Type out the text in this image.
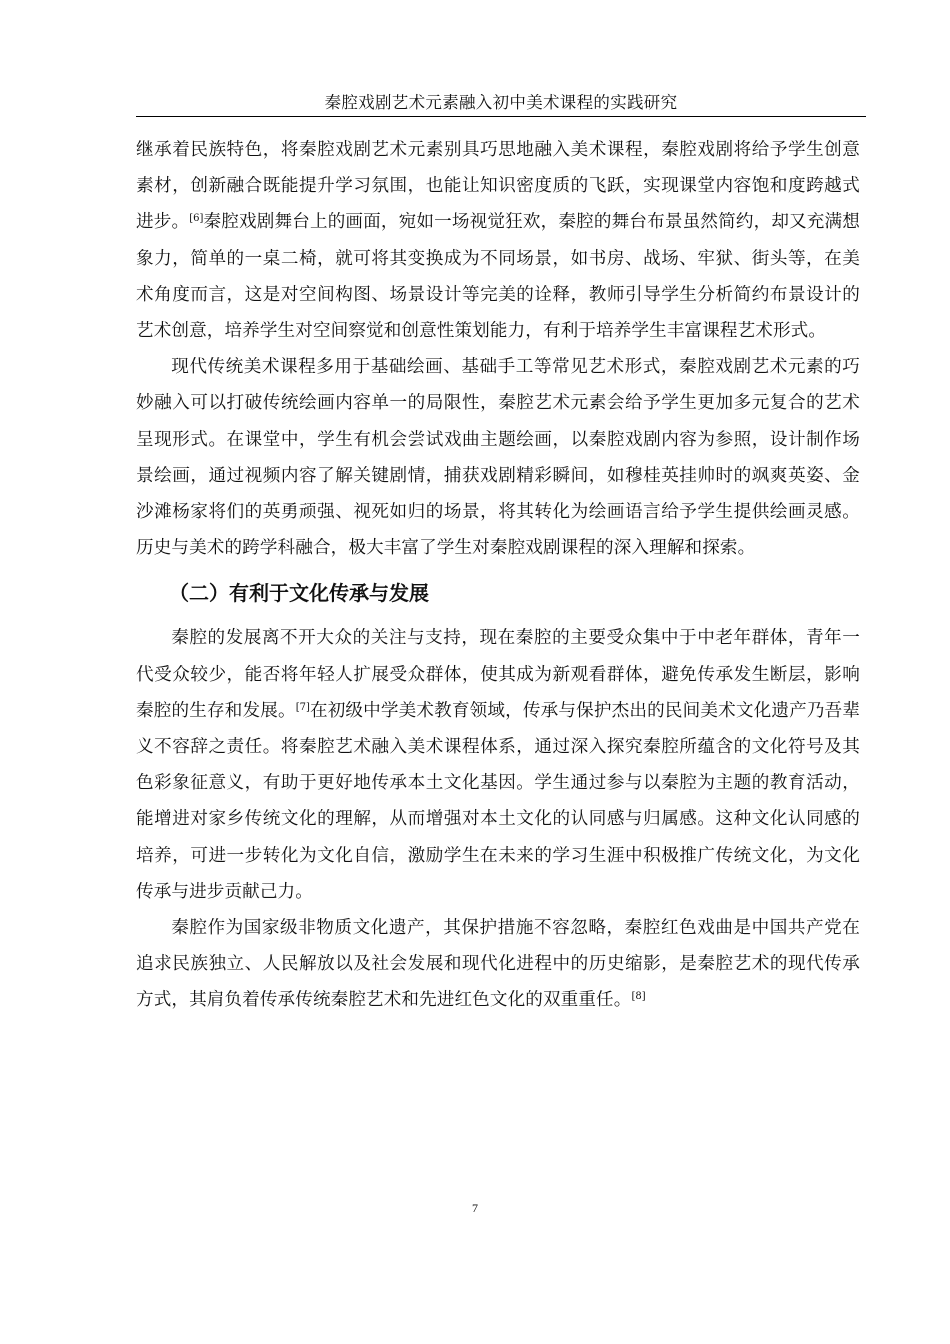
秦腔戏剧艺术元素融入初中美术课程的实践研究

继承着民族特色，将秦腔戏剧艺术元素别具巧思地融入美术课程，秦腔戏剧将给予学生创意素材，创新融合既能提升学习氛围，也能让知识密度质的飞跃，实现课堂内容饱和度跨越式进步。[6]秦腔戏剧舞台上的画面，宛如一场视觉狂欢，秦腔的舞台布景虽然简约，却又充满想象力，简单的一桌二椅，就可将其变换成为不同场景，如书房、战场、牢狱、街头等，在美术角度而言，这是对空间构图、场景设计等完美的诠释，教师引导学生分析简约布景设计的艺术创意，培养学生对空间察觉和创意性策划能力，有利于培养学生丰富课程艺术形式。

现代传统美术课程多用于基础绘画、基础手工等常见艺术形式，秦腔戏剧艺术元素的巧妙融入可以打破传统绘画内容单一的局限性，秦腔艺术元素会给予学生更加多元复合的艺术呈现形式。在课堂中，学生有机会尝试戏曲主题绘画，以秦腔戏剧内容为参照，设计制作场景绘画，通过视频内容了解关键剧情，捕获戏剧精彩瞬间，如穆桂英挂帅时的飒爽英姿、金沙滩杨家将们的英勇顽强、视死如归的场景，将其转化为绘画语言给予学生提供绘画灵感。历史与美术的跨学科融合，极大丰富了学生对秦腔戏剧课程的深入理解和探索。

（二）有利于文化传承与发展

秦腔的发展离不开大众的关注与支持，现在秦腔的主要受众集中于中老年群体，青年一代受众较少，能否将年轻人扩展受众群体，使其成为新观看群体，避免传承发生断层，影响秦腔的生存和发展。[7]在初级中学美术教育领域，传承与保护杰出的民间美术文化遗产乃吾辈义不容辞之责任。将秦腔艺术融入美术课程体系，通过深入探究秦腔所蕴含的文化符号及其色彩象征意义，有助于更好地传承本土文化基因。学生通过参与以秦腔为主题的教育活动，能增进对家乡传统文化的理解，从而增强对本土文化的认同感与归属感。这种文化认同感的培养，可进一步转化为文化自信，激励学生在未来的学习生涯中积极推广传统文化，为文化传承与进步贡献己力。

秦腔作为国家级非物质文化遗产，其保护措施不容忽略，秦腔红色戏曲是中国共产党在追求民族独立、人民解放以及社会发展和现代化进程中的历史缩影，是秦腔艺术的现代传承方式，其肩负着传承传统秦腔艺术和先进红色文化的双重重任。[8]

7
